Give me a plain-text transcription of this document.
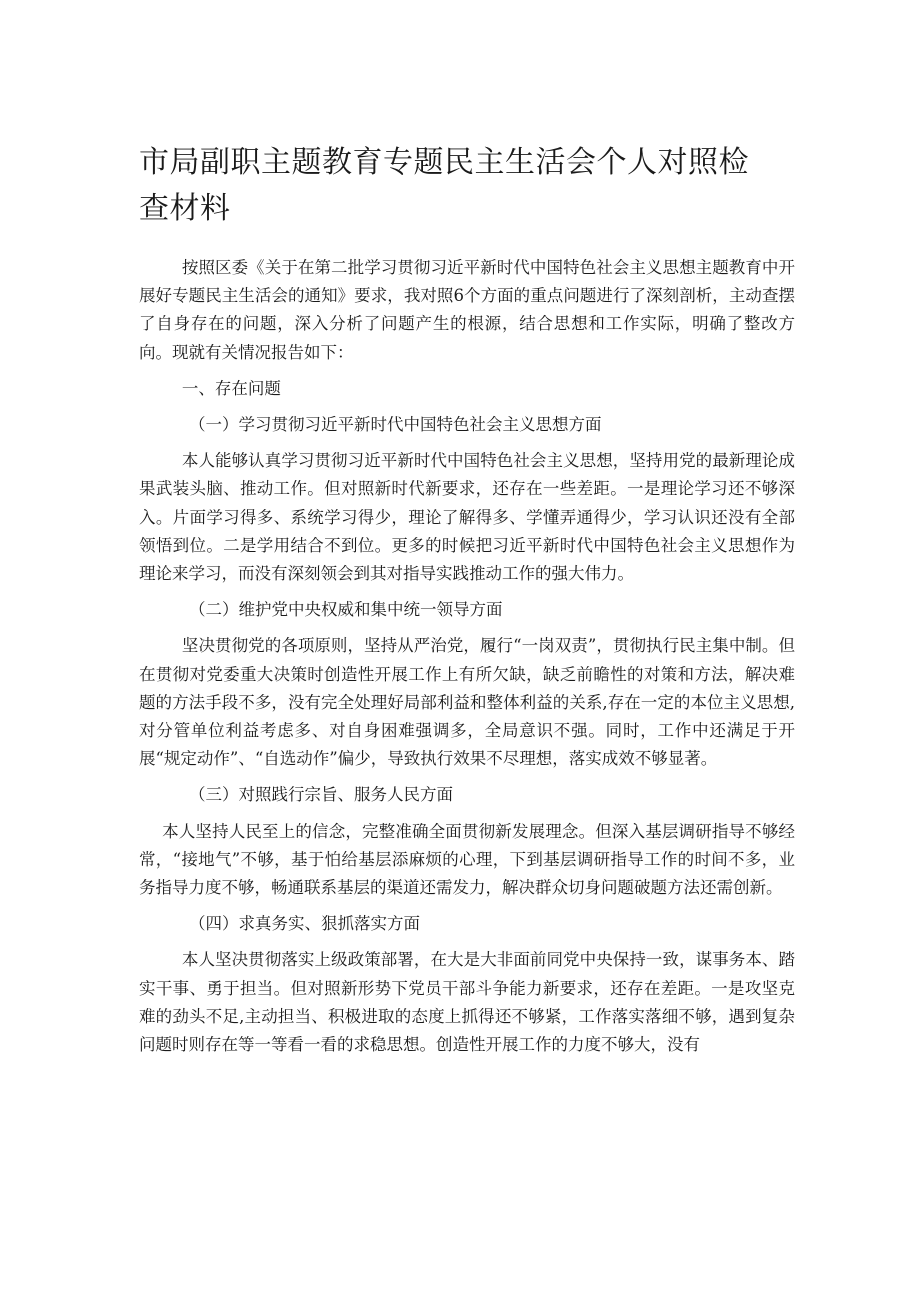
市局副职主题教育专题民主生活会个人对照检查材料

按照区委《关于在第二批学习贯彻习近平新时代中国特色社会主义思想主题教育中开展好专题民主生活会的通知》要求，我对照6个方面的重点问题进行了深刻剖析，主动查摆了自身存在的问题，深入分析了问题产生的根源，结合思想和工作实际，明确了整改方向。现就有关情况报告如下：

一、存在问题

（一）学习贯彻习近平新时代中国特色社会主义思想方面

本人能够认真学习贯彻习近平新时代中国特色社会主义思想，坚持用党的最新理论成果武装头脑、推动工作。但对照新时代新要求，还存在一些差距。一是理论学习还不够深入。片面学习得多、系统学习得少，理论了解得多、学懂弄通得少，学习认识还没有全部领悟到位。二是学用结合不到位。更多的时候把习近平新时代中国特色社会主义思想作为理论来学习，而没有深刻领会到其对指导实践推动工作的强大伟力。

（二）维护党中央权威和集中统一领导方面

坚决贯彻党的各项原则，坚持从严治党，履行“一岗双责”，贯彻执行民主集中制。但在贯彻对党委重大决策时创造性开展工作上有所欠缺，缺乏前瞻性的对策和方法，解决难题的方法手段不多，没有完全处理好局部利益和整体利益的关系,存在一定的本位主义思想,对分管单位利益考虑多、对自身困难强调多，全局意识不强。同时，工作中还满足于开展“规定动作”、“自选动作”偏少，导致执行效果不尽理想，落实成效不够显著。

（三）对照践行宗旨、服务人民方面

本人坚持人民至上的信念，完整准确全面贯彻新发展理念。但深入基层调研指导不够经常，“接地气”不够，基于怕给基层添麻烦的心理，下到基层调研指导工作的时间不多，业务指导力度不够，畅通联系基层的渠道还需发力，解决群众切身问题破题方法还需创新。

（四）求真务实、狠抓落实方面

本人坚决贯彻落实上级政策部署，在大是大非面前同党中央保持一致，谋事务本、踏实干事、勇于担当。但对照新形势下党员干部斗争能力新要求，还存在差距。一是攻坚克难的劲头不足,主动担当、积极进取的态度上抓得还不够紧，工作落实落细不够，遇到复杂问题时则存在等一等看一看的求稳思想。创造性开展工作的力度不够大，没有
